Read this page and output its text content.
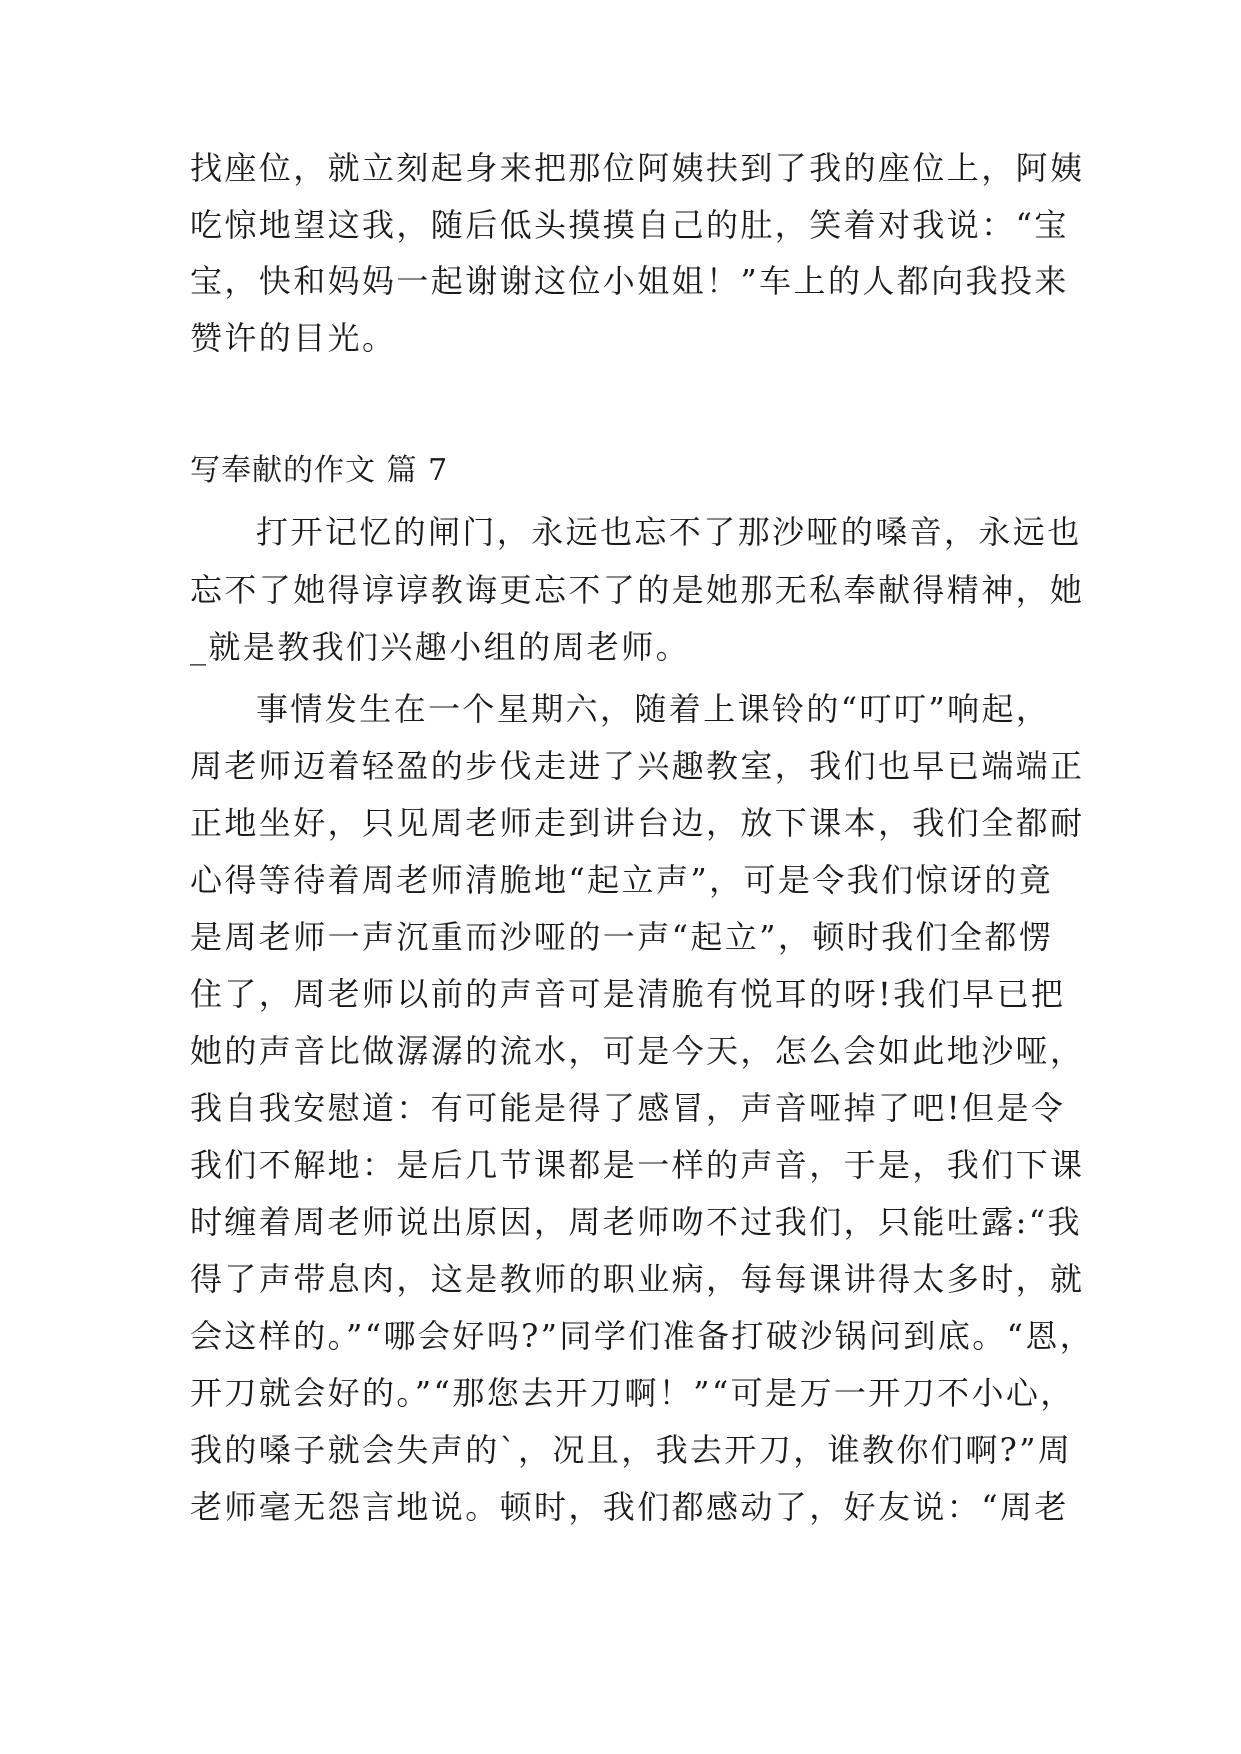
找座位，就立刻起身来把那位阿姨扶到了我的座位上，阿姨
吃惊地望这我，随后低头摸摸自己的肚，笑着对我说：“宝
宝，快和妈妈一起谢谢这位小姐姐！”车上的人都向我投来
赞许的目光。
写奉献的作文 篇 7
打开记忆的闸门，永远也忘不了那沙哑的嗓音，永远也
忘不了她得谆谆教诲更忘不了的是她那无私奉献得精神，她
_就是教我们兴趣小组的周老师。
事情发生在一个星期六，随着上课铃的“叮叮”响起，
周老师迈着轻盈的步伐走进了兴趣教室，我们也早已端端正
正地坐好，只见周老师走到讲台边，放下课本，我们全都耐
心得等待着周老师清脆地“起立声”，可是令我们惊讶的竟
是周老师一声沉重而沙哑的一声“起立”，顿时我们全都愣
住了，周老师以前的声音可是清脆有悦耳的呀!我们早已把
她的声音比做潺潺的流水，可是今天，怎么会如此地沙哑，
我自我安慰道：有可能是得了感冒，声音哑掉了吧!但是令
我们不解地：是后几节课都是一样的声音，于是，我们下课
时缠着周老师说出原因，周老师吻不过我们，只能吐露:“我
得了声带息肉，这是教师的职业病，每每课讲得太多时，就
会这样的。”“哪会好吗?”同学们准备打破沙锅问到底。“恩，
开刀就会好的。”“那您去开刀啊！”“可是万一开刀不小心，
我的嗓子就会失声的`，况且，我去开刀，谁教你们啊?”周
老师毫无怨言地说。顿时，我们都感动了，好友说：“周老
